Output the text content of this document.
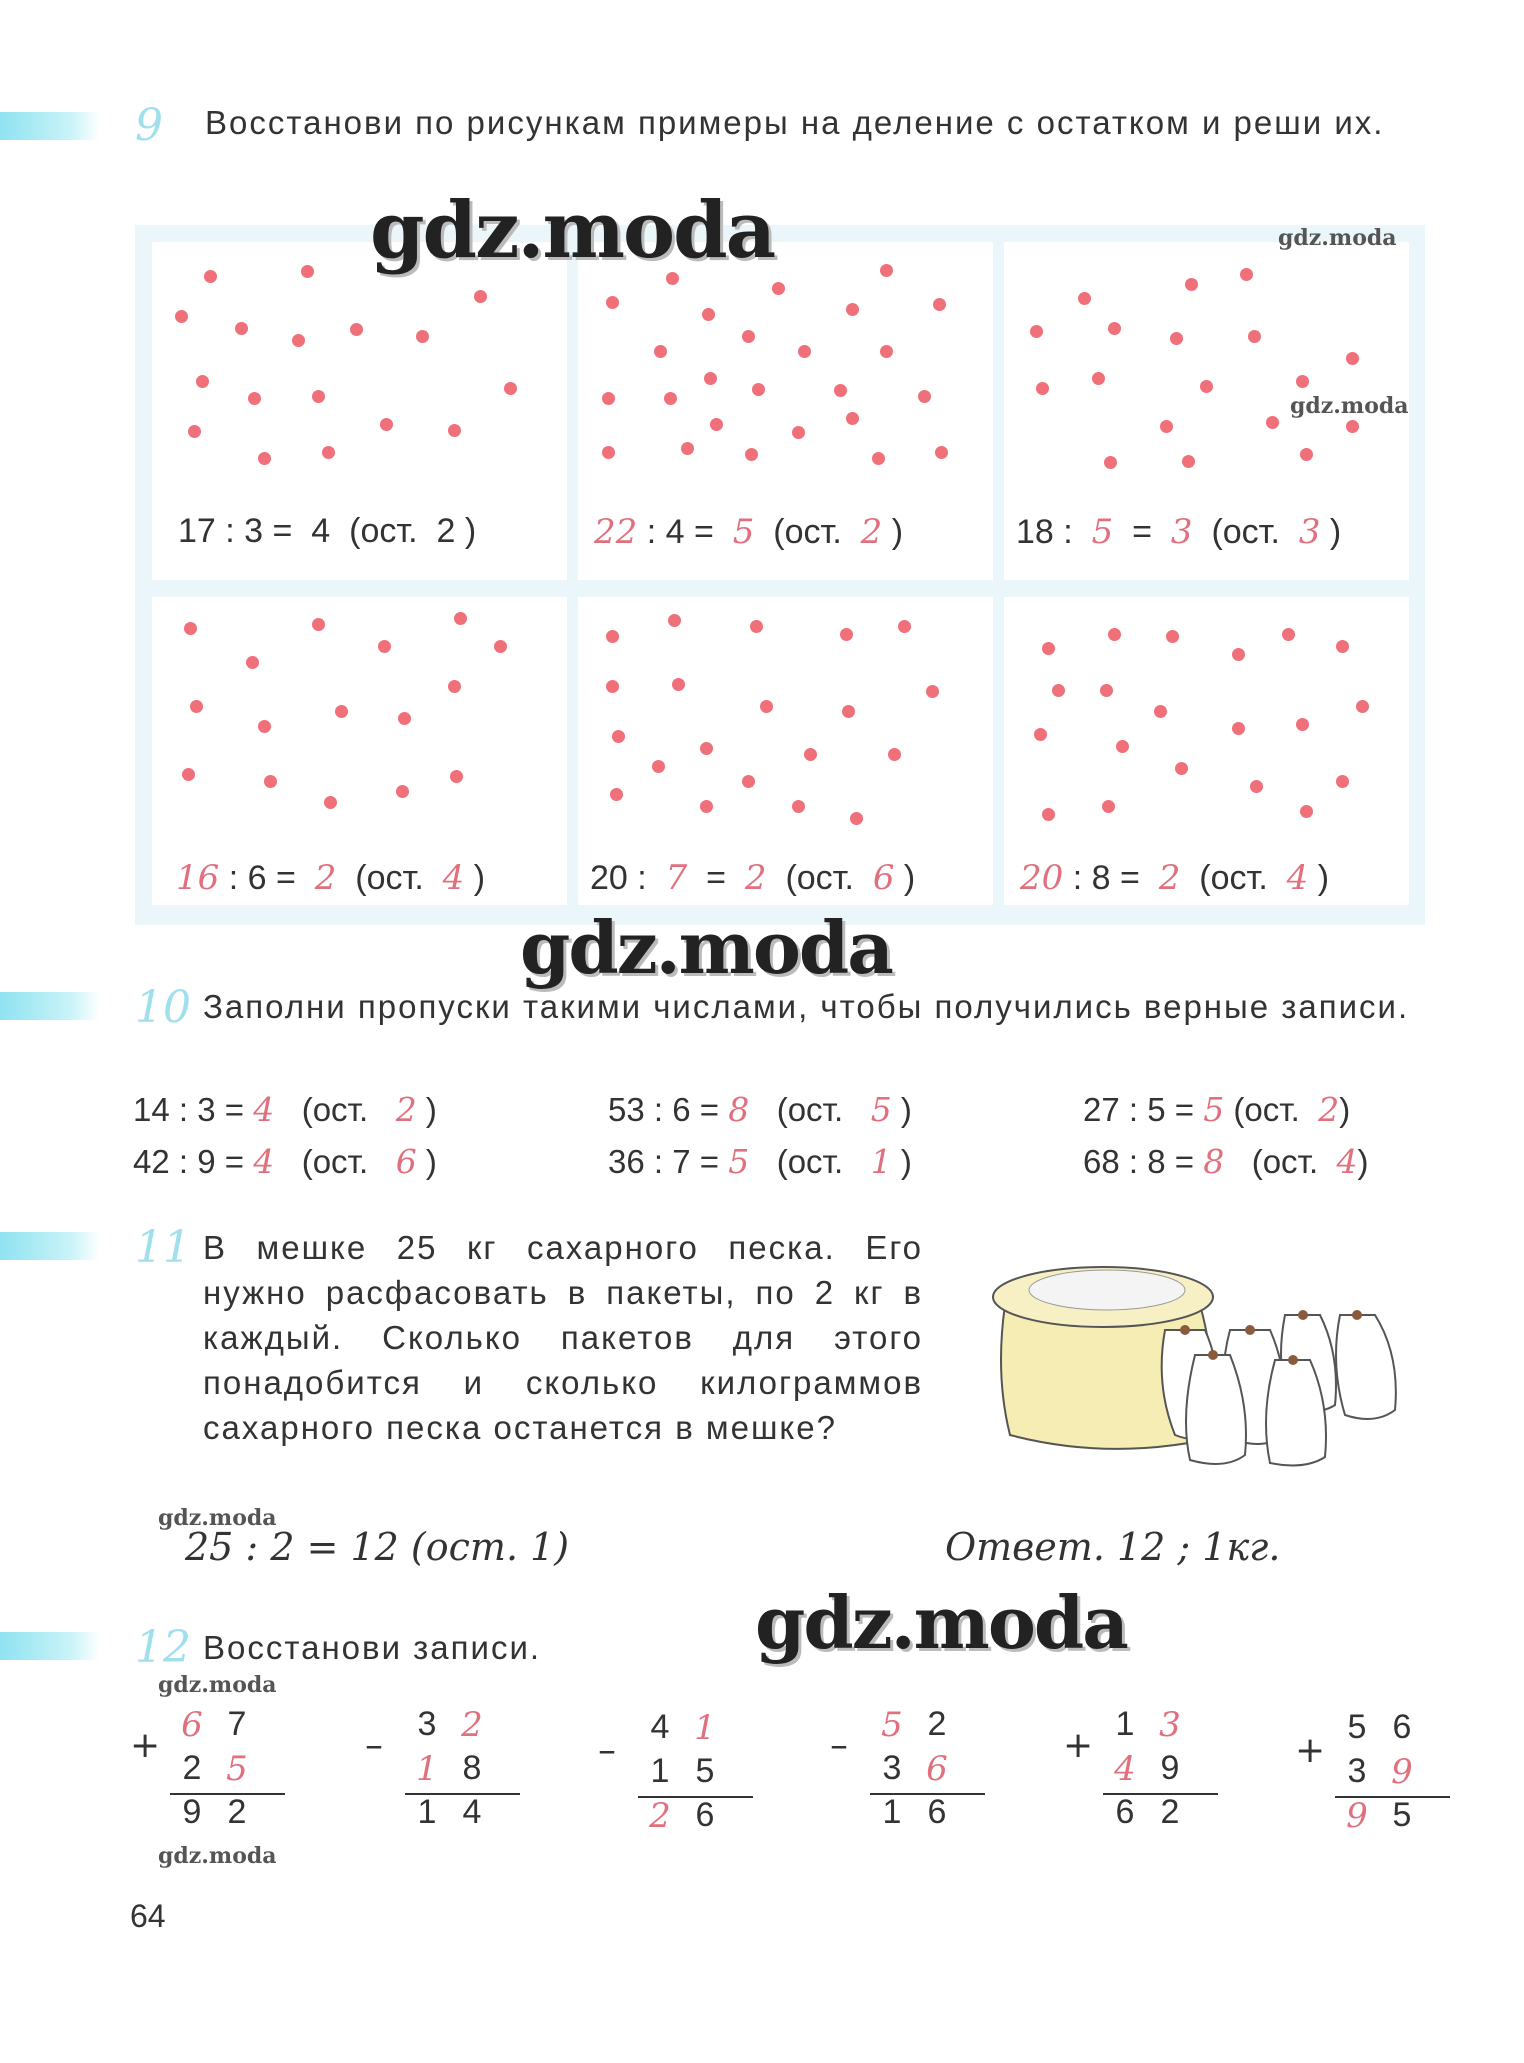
9 Восстанови по рисункам примеры на деление с остатком и реши их.
17 : 3 =  4 (ост. 2 )	22 : 4 =  5 (ост. 2 )	18 :  5  =  3 (ост. 3 )
16 : 6 =  2 (ост. 4 )	20 :  7  =  2 (ост. 6 )	20 : 8 =  2 (ост. 4 )
gdz.moda	gdz.moda
gdz.moda
gdz.moda
10 Заполни пропуски такими числами, чтобы получились верные записи.
14 : 3 = 4   (ост.   2 )	53 : 6 = 8   (ост.   5 )	27 : 5 = 5 (ост.  2)
42 : 9 = 4   (ост.   6 )	36 : 7 = 5   (ост.   1 )	68 : 8 = 8   (ост.  4)
11 В мешке 25 кг сахарного песка. Его нужно расфасовать в пакеты, по 2 кг в каждый. Сколько пакетов для этого понадобится и сколько килограммов сахарного песка останется в мешке?
25 : 2 = 12 (ост. 1)	Ответ. 12 ; 1кг.
gdz.moda
gdz.moda
12 Восстанови записи.
gdz.moda
gdz.moda
+ 6 7
2 5
9 2
–
3 2
1 8
1 4
–
4 1
1 5
2 6
– 5 2
3 6
1 6
+
1 3
4 9
6 2
+
5 6
3 9
9 5
64
